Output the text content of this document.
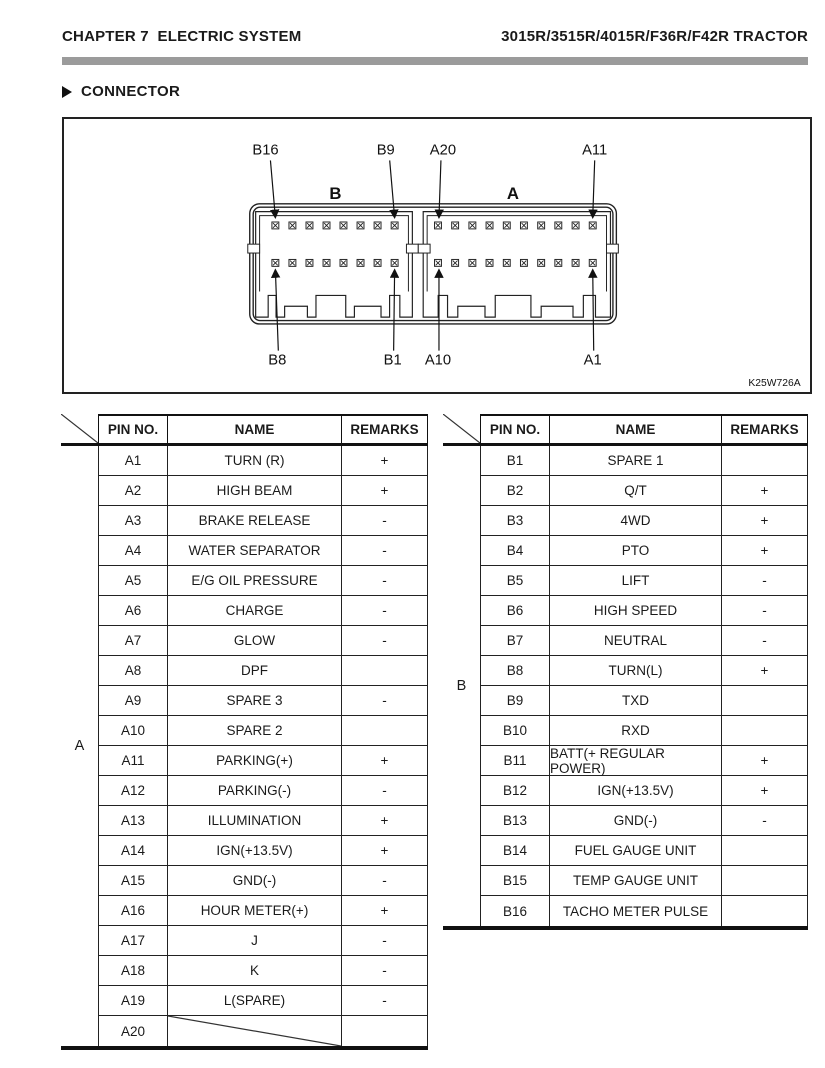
CHAPTER 7  ELECTRIC SYSTEM	3015R/3515R/4015R/F36R/F42R TRACTOR
CONNECTOR
B16	B9 A20	A11
B8	B1 A10	A1
B	A
K25W726A
PIN NO.	NAME	REMARKS
A
A1	TURN (R)	+
A2	HIGH BEAM	+
A3	BRAKE RELEASE	-
A4	WATER SEPARATOR	-
A5	E/G OIL PRESSURE	-
A6	CHARGE	-
A7	GLOW	-
A8	DPF
A9	SPARE 3	-
A10	SPARE 2
A11	PARKING(+)	+
A12	PARKING(-)	-
A13	ILLUMINATION	+
A14	IGN(+13.5V)	+
A15	GND(-)	-
A16	HOUR METER(+)	+
A17	J	-
A18	K	-
A19	L(SPARE)	-
A20
PIN NO.	NAME	REMARKS
B
B1	SPARE 1
B2	Q/T	+
B3	4WD	+
B4	PTO	+
B5	LIFT	-
B6	HIGH SPEED	-
B7	NEUTRAL	-
B8	TURN(L)	+
B9	TXD
B10	RXD
B11	BATT(+ REGULAR POWER)	+
B12	IGN(+13.5V)	+
B13	GND(-)	-
B14	FUEL GAUGE UNIT
B15	TEMP GAUGE UNIT
B16	TACHO METER PULSE
